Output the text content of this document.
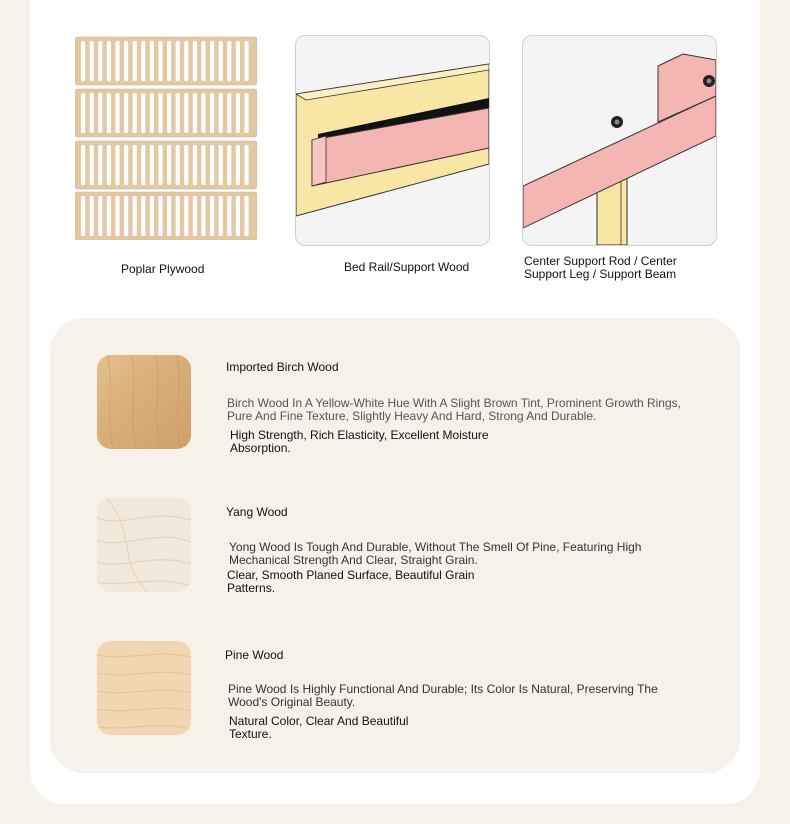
Poplar Plywood	Bed Rail/Support Wood	Center Support Rod / Center Support Leg / Support Beam
Imported Birch Wood
Birch Wood In A Yellow-White Hue With A Slight Brown Tint, Prominent Growth Rings, Pure And Fine Texture, Slightly Heavy And Hard, Strong And Durable.
High Strength, Rich Elasticity, Excellent Moisture Absorption.
Yang Wood
Yong Wood Is Tough And Durable, Without The Smell Of Pine, Featuring High Mechanical Strength And Clear, Straight Grain.
Clear, Smooth Planed Surface, Beautiful Grain Patterns.
Pine Wood
Pine Wood Is Highly Functional And Durable; Its Color Is Natural, Preserving The Wood's Original Beauty.
Natural Color, Clear And Beautiful Texture.
